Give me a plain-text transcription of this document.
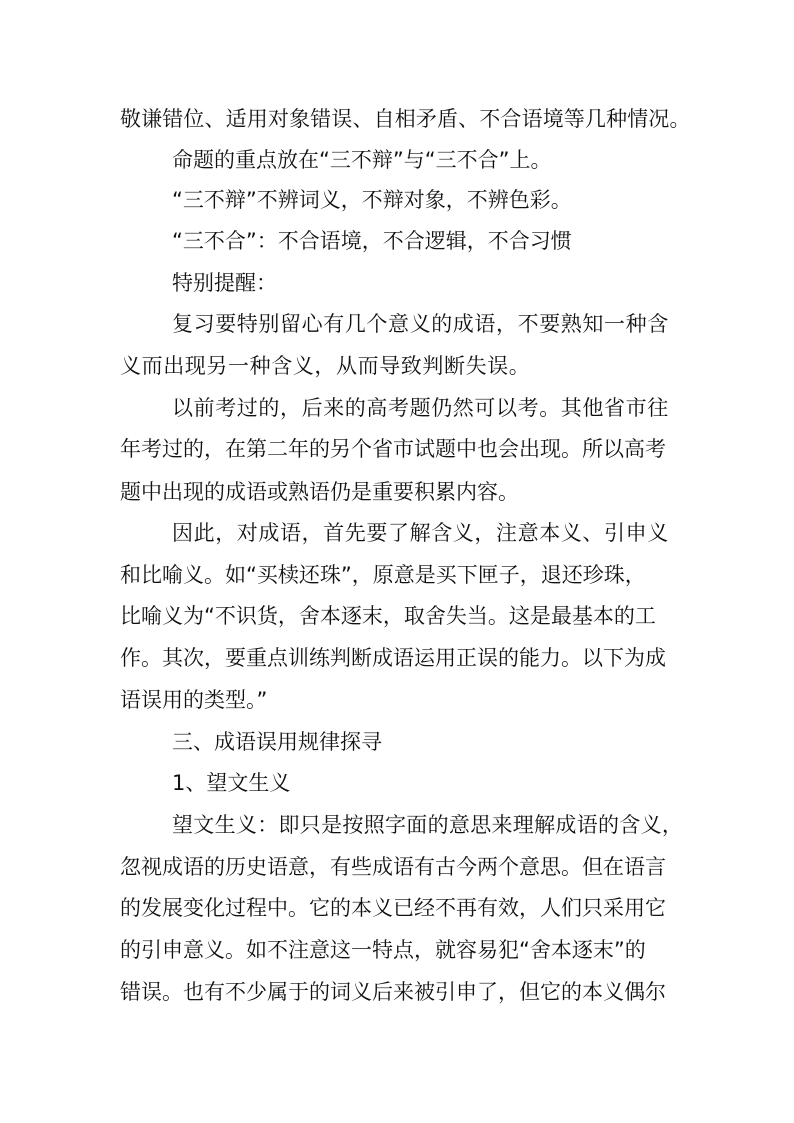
敬谦错位、适用对象错误、自相矛盾、不合语境等几种情况。
命题的重点放在“三不辩”与“三不合”上。
“三不辩”不辨词义，不辩对象，不辨色彩。
“三不合”：不合语境，不合逻辑，不合习惯
特别提醒：
复习要特别留心有几个意义的成语，不要熟知一种含
义而出现另一种含义，从而导致判断失误。
以前考过的，后来的高考题仍然可以考。其他省市往
年考过的，在第二年的另个省市试题中也会出现。所以高考
题中出现的成语或熟语仍是重要积累内容。
因此，对成语，首先要了解含义，注意本义、引申义
和比喻义。如“买椟还珠”，原意是买下匣子，退还珍珠，
比喻义为“不识货，舍本逐末，取舍失当。这是最基本的工
作。其次，要重点训练判断成语运用正误的能力。以下为成
语误用的类型。”
三、成语误用规律探寻
1、望文生义
望文生义：即只是按照字面的意思来理解成语的含义，
忽视成语的历史语意，有些成语有古今两个意思。但在语言
的发展变化过程中。它的本义已经不再有效，人们只采用它
的引申意义。如不注意这一特点，就容易犯“舍本逐末”的
错误。也有不少属于的词义后来被引申了，但它的本义偶尔
